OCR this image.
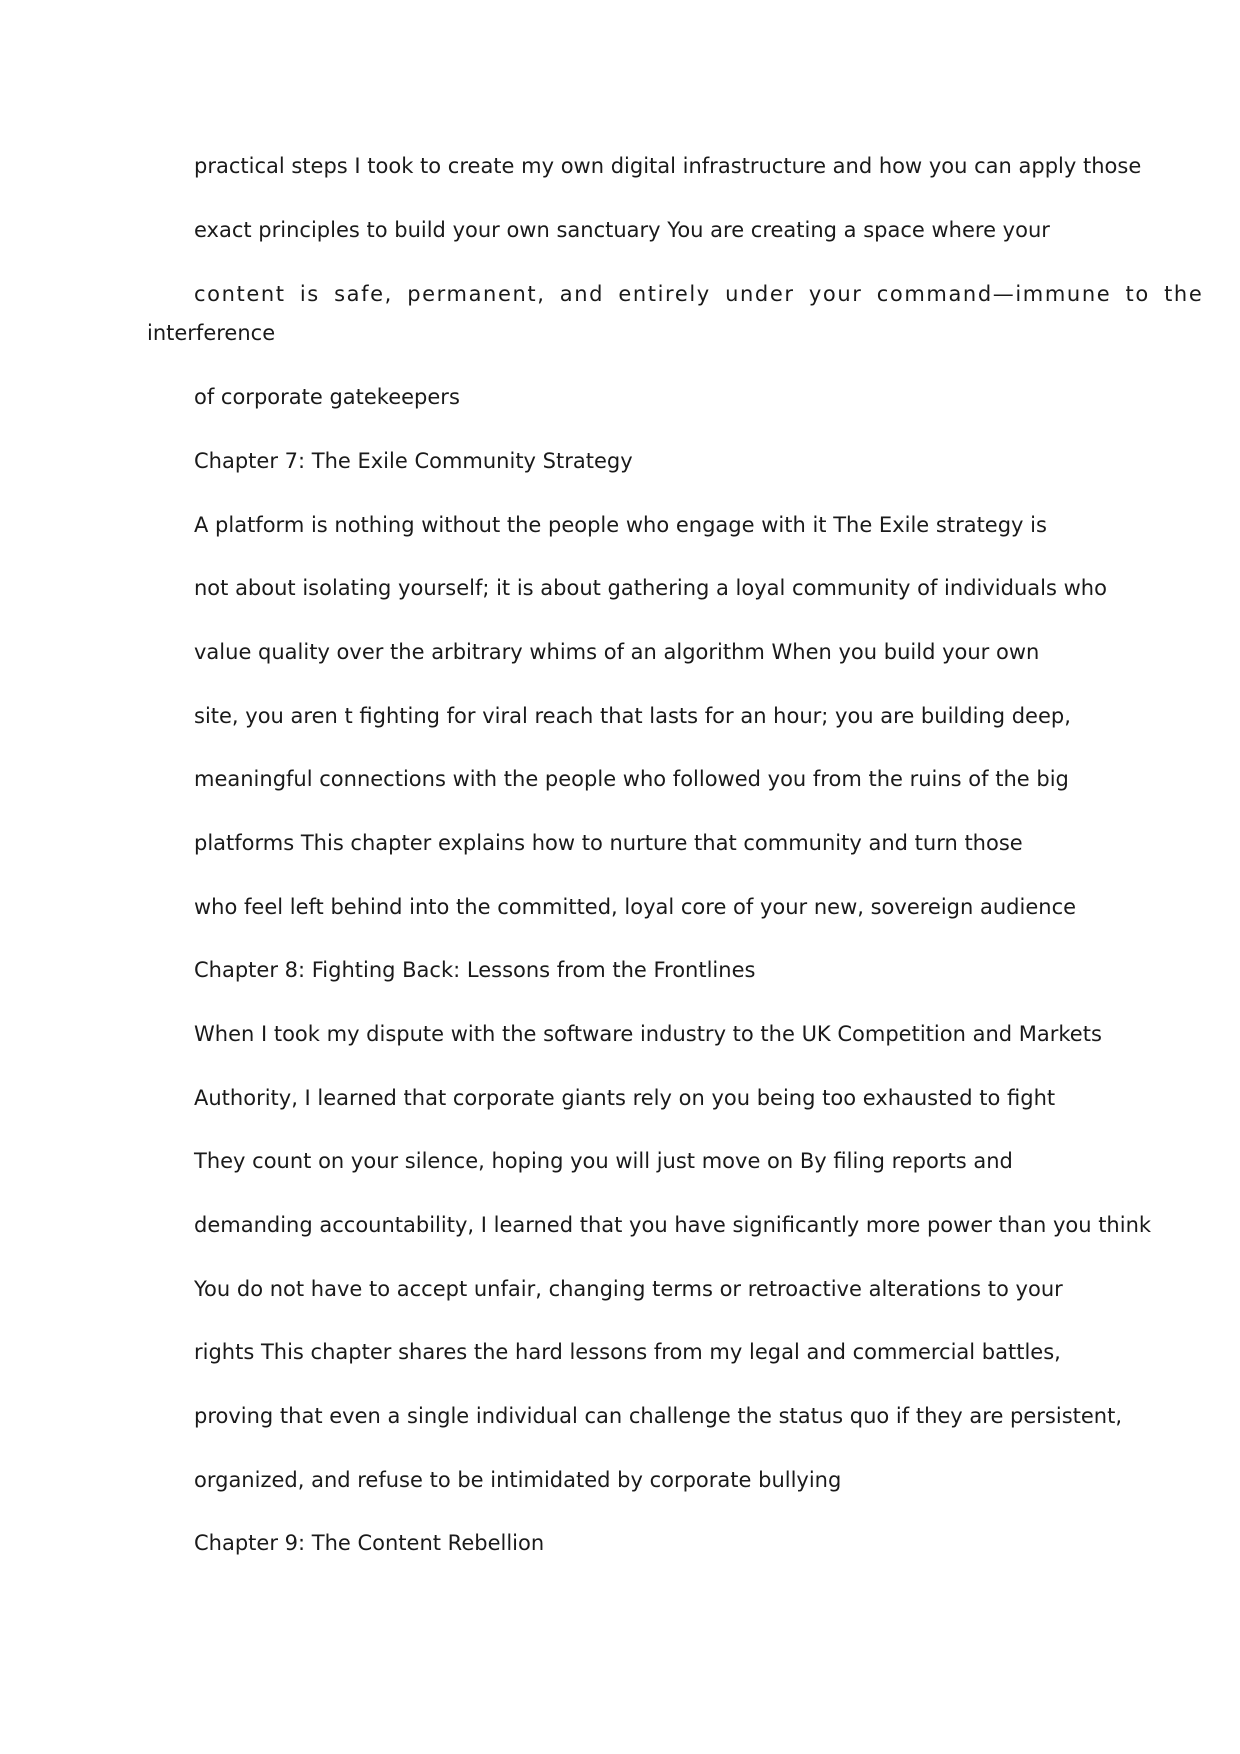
practical steps I took to create my own digital infrastructure and how you can apply those

exact principles to build your own sanctuary You are creating a space where your

content is safe, permanent, and entirely under your command—immune to the

interference

of corporate gatekeepers

Chapter 7: The Exile Community Strategy

A platform is nothing without the people who engage with it The Exile strategy is

not about isolating yourself; it is about gathering a loyal community of individuals who

value quality over the arbitrary whims of an algorithm When you build your own

site, you aren t fighting for viral reach that lasts for an hour; you are building deep,

meaningful connections with the people who followed you from the ruins of the big

platforms This chapter explains how to nurture that community and turn those

who feel left behind into the committed, loyal core of your new, sovereign audience

Chapter 8: Fighting Back: Lessons from the Frontlines

When I took my dispute with the software industry to the UK Competition and Markets

Authority, I learned that corporate giants rely on you being too exhausted to fight

They count on your silence, hoping you will just move on By filing reports and

demanding accountability, I learned that you have significantly more power than you think

You do not have to accept unfair, changing terms or retroactive alterations to your

rights This chapter shares the hard lessons from my legal and commercial battles,

proving that even a single individual can challenge the status quo if they are persistent,

organized, and refuse to be intimidated by corporate bullying

Chapter 9: The Content Rebellion
